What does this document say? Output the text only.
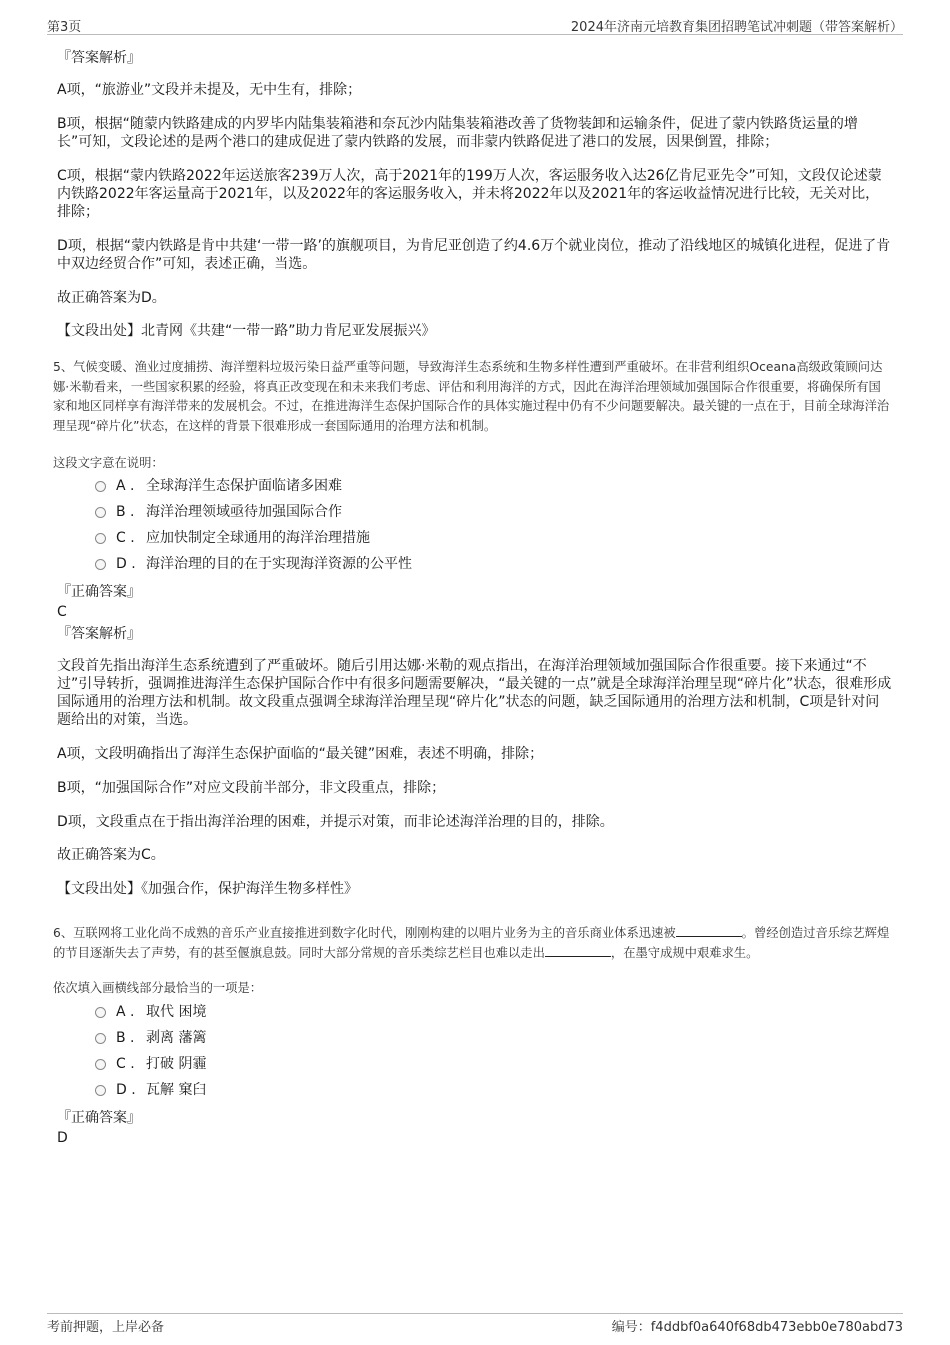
第3页	2024年济南元培教育集团招聘笔试冲刺题（带答案解析）

『答案解析』

A项，“旅游业”文段并未提及，无中生有，排除；

B项，根据“随蒙内铁路建成的内罗毕内陆集装箱港和奈瓦沙内陆集装箱港改善了货物装卸和运输条件，促进了蒙内铁路货运量的增长”可知，文段论述的是两个港口的建成促进了蒙内铁路的发展，而非蒙内铁路促进了港口的发展，因果倒置，排除；

C项，根据“蒙内铁路2022年运送旅客239万人次，高于2021年的199万人次，客运服务收入达26亿肯尼亚先令”可知，文段仅论述蒙内铁路2022年客运量高于2021年，以及2022年的客运服务收入，并未将2022年以及2021年的客运收益情况进行比较，无关对比，排除；

D项，根据“蒙内铁路是肯中共建‘一带一路’的旗舰项目，为肯尼亚创造了约4.6万个就业岗位，推动了沿线地区的城镇化进程，促进了肯中双边经贸合作”可知，表述正确，当选。

故正确答案为D。

【文段出处】北青网《共建“一带一路”助力肯尼亚发展振兴》

5、气候变暖、渔业过度捕捞、海洋塑料垃圾污染日益严重等问题，导致海洋生态系统和生物多样性遭到严重破坏。在非营利组织Oceana高级政策顾问达娜·米勒看来，一些国家积累的经验，将真正改变现在和未来我们考虑、评估和利用海洋的方式，因此在海洋治理领域加强国际合作很重要，将确保所有国家和地区同样享有海洋带来的发展机会。不过，在推进海洋生态保护国际合作的具体实施过程中仍有不少问题要解决。最关键的一点在于，目前全球海洋治理呈现“碎片化”状态，在这样的背景下很难形成一套国际通用的治理方法和机制。

这段文字意在说明：

A . 全球海洋生态保护面临诸多困难
B . 海洋治理领域亟待加强国际合作
C . 应加快制定全球通用的海洋治理措施
D . 海洋治理的目的在于实现海洋资源的公平性

『正确答案』

C

『答案解析』

文段首先指出海洋生态系统遭到了严重破坏。随后引用达娜·米勒的观点指出，在海洋治理领域加强国际合作很重要。接下来通过“不过”引导转折，强调推进海洋生态保护国际合作中有很多问题需要解决，“最关键的一点”就是全球海洋治理呈现“碎片化”状态，很难形成国际通用的治理方法和机制。故文段重点强调全球海洋治理呈现“碎片化”状态的问题，缺乏国际通用的治理方法和机制，C项是针对问题给出的对策，当选。

A项，文段明确指出了海洋生态保护面临的“最关键”困难，表述不明确，排除；

B项，“加强国际合作”对应文段前半部分，非文段重点，排除；

D项，文段重点在于指出海洋治理的困难，并提示对策，而非论述海洋治理的目的，排除。

故正确答案为C。

【文段出处】《加强合作，保护海洋生物多样性》

6、互联网将工业化尚不成熟的音乐产业直接推进到数字化时代，刚刚构建的以唱片业务为主的音乐商业体系迅速被	。曾经创造过音乐综艺辉煌的节目逐渐失去了声势，有的甚至偃旗息鼓。同时大部分常规的音乐类综艺栏目也难以走出	，在墨守成规中艰难求生。

依次填入画横线部分最恰当的一项是：

A . 取代 困境
B . 剥离 藩篱
C . 打破 阴霾
D . 瓦解 窠臼

『正确答案』

D

考前押题，上岸必备	编号：f4ddbf0a640f68db473ebb0e780abd73
